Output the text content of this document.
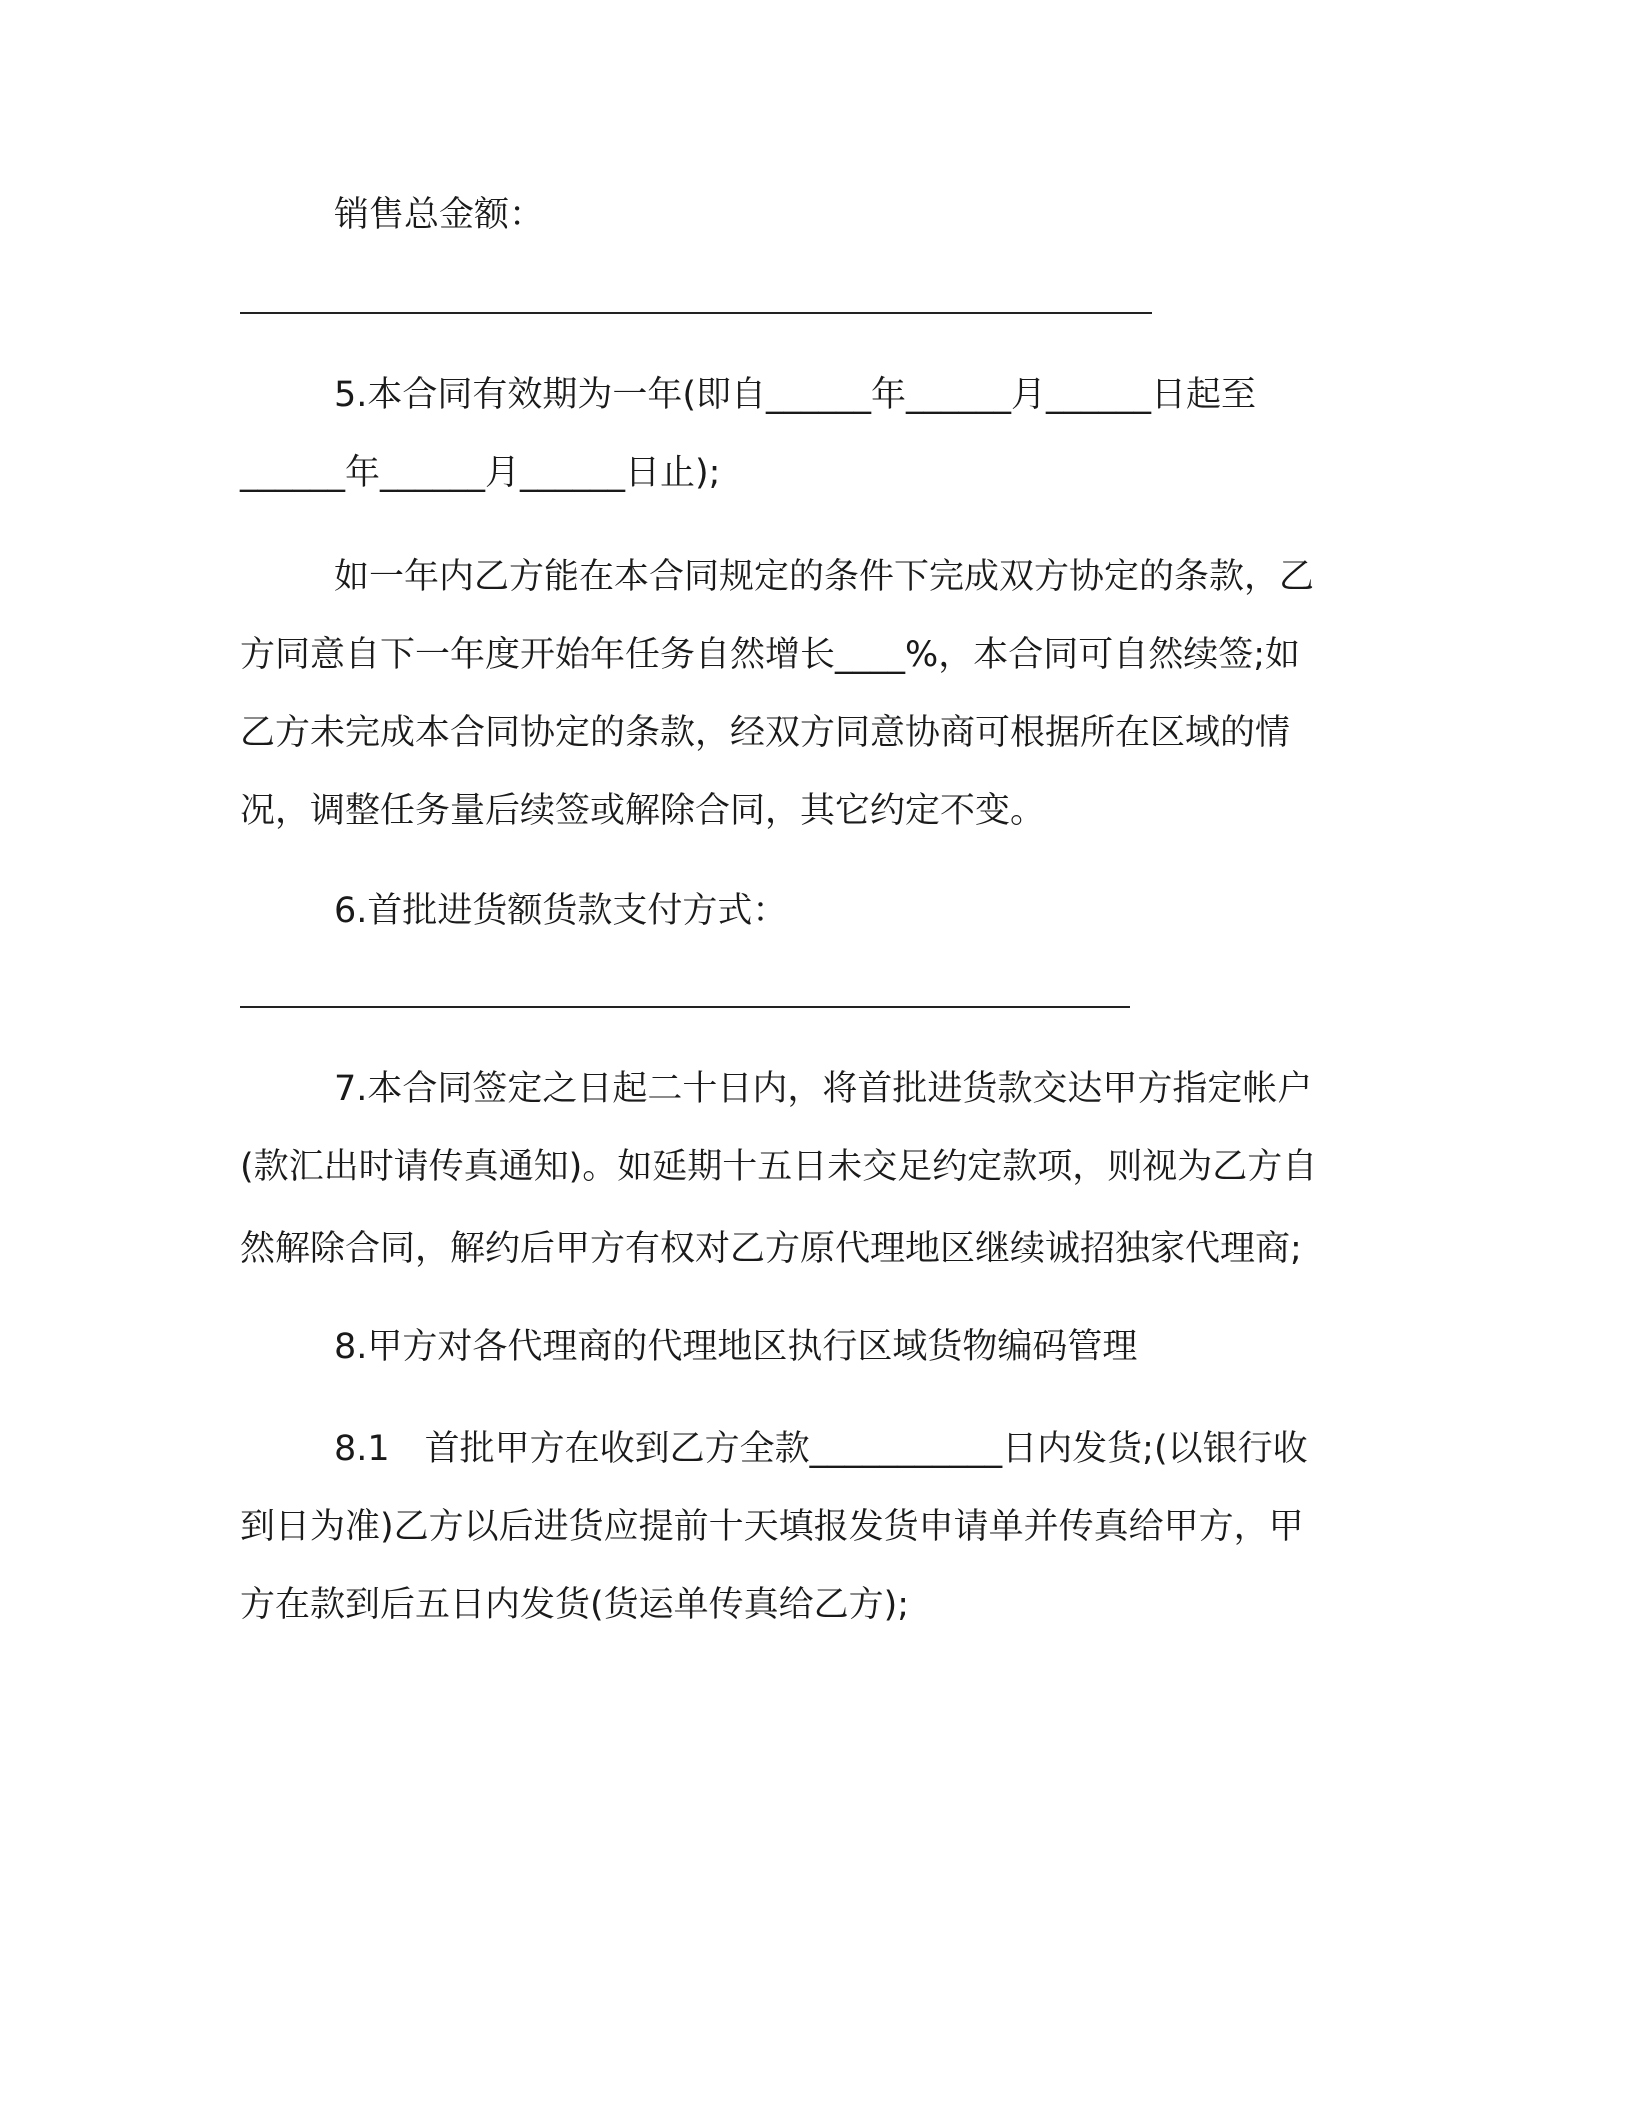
销售总金额：
5.本合同有效期为一年(即自______年______月______日起至
______年______月______日止);
如一年内乙方能在本合同规定的条件下完成双方协定的条款，乙
方同意自下一年度开始年任务自然增长____%，本合同可自然续签;如
乙方未完成本合同协定的条款，经双方同意协商可根据所在区域的情
况，调整任务量后续签或解除合同，其它约定不变。
6.首批进货额货款支付方式：
7.本合同签定之日起二十日内，将首批进货款交达甲方指定帐户
(款汇出时请传真通知)。如延期十五日未交足约定款项，则视为乙方自
然解除合同，解约后甲方有权对乙方原代理地区继续诚招独家代理商;
8.甲方对各代理商的代理地区执行区域货物编码管理
8.1　首批甲方在收到乙方全款___________日内发货;(以银行收
到日为准)乙方以后进货应提前十天填报发货申请单并传真给甲方，甲
方在款到后五日内发货(货运单传真给乙方);
